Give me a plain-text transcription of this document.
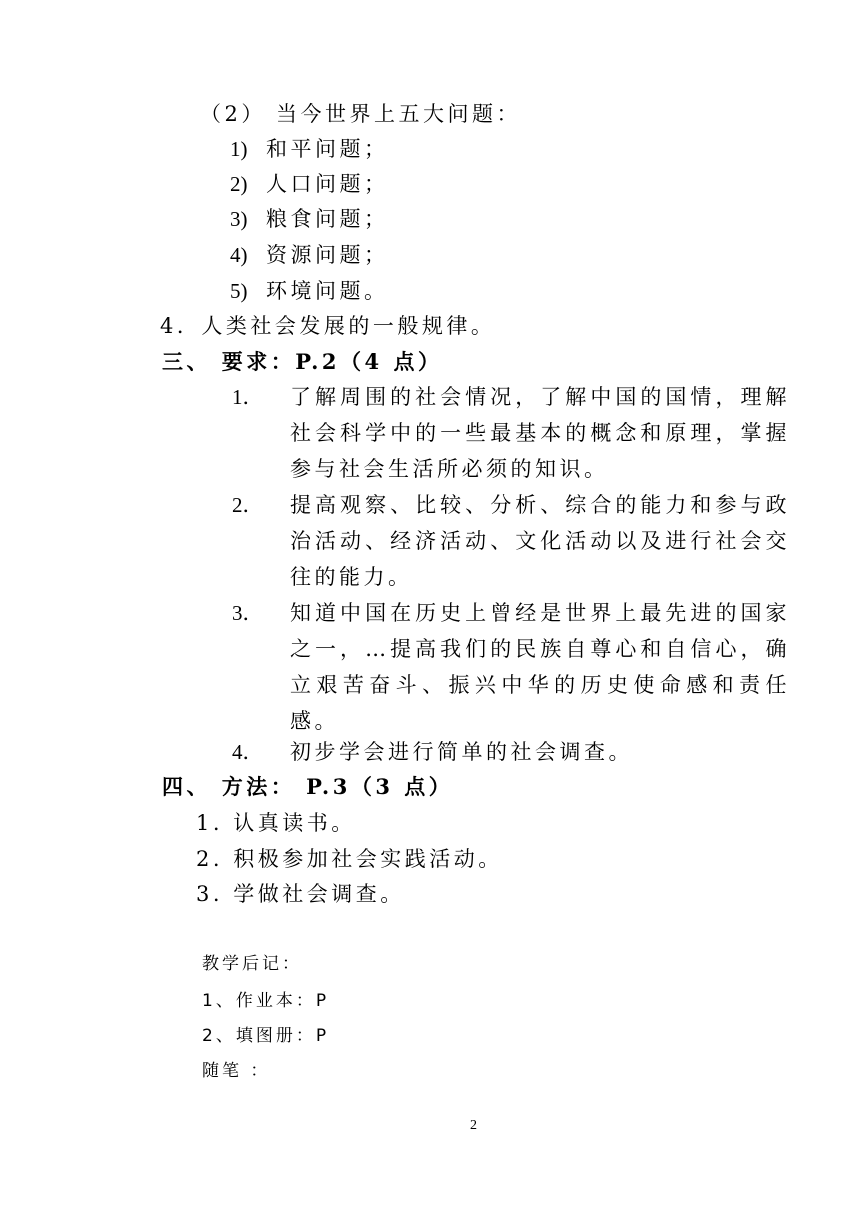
（2） 当今世界上五大问题：
1) 和平问题；
2) 人口问题；
3) 粮食问题；
4) 资源问题；
5) 环境问题。
4．人类社会发展的一般规律。
三、 要求：P.2（4 点）
1． 了解周围的社会情况，了解中国的国情，理解社会科学中的一些最基本的概念和原理，掌握参与社会生活所必须的知识。
2． 提高观察、比较、分析、综合的能力和参与政治活动、经济活动、文化活动以及进行社会交往的能力。
3． 知道中国在历史上曾经是世界上最先进的国家之一，…提高我们的民族自尊心和自信心，确立艰苦奋斗、振兴中华的历史使命感和责任感。
4． 初步学会进行简单的社会调查。
四、 方法： P.3（3 点）
1. 认真读书。
2. 积极参加社会实践活动。
3. 学做社会调查。
教学后记：
1、作业本：P
2、填图册：P
随笔 ：
2
